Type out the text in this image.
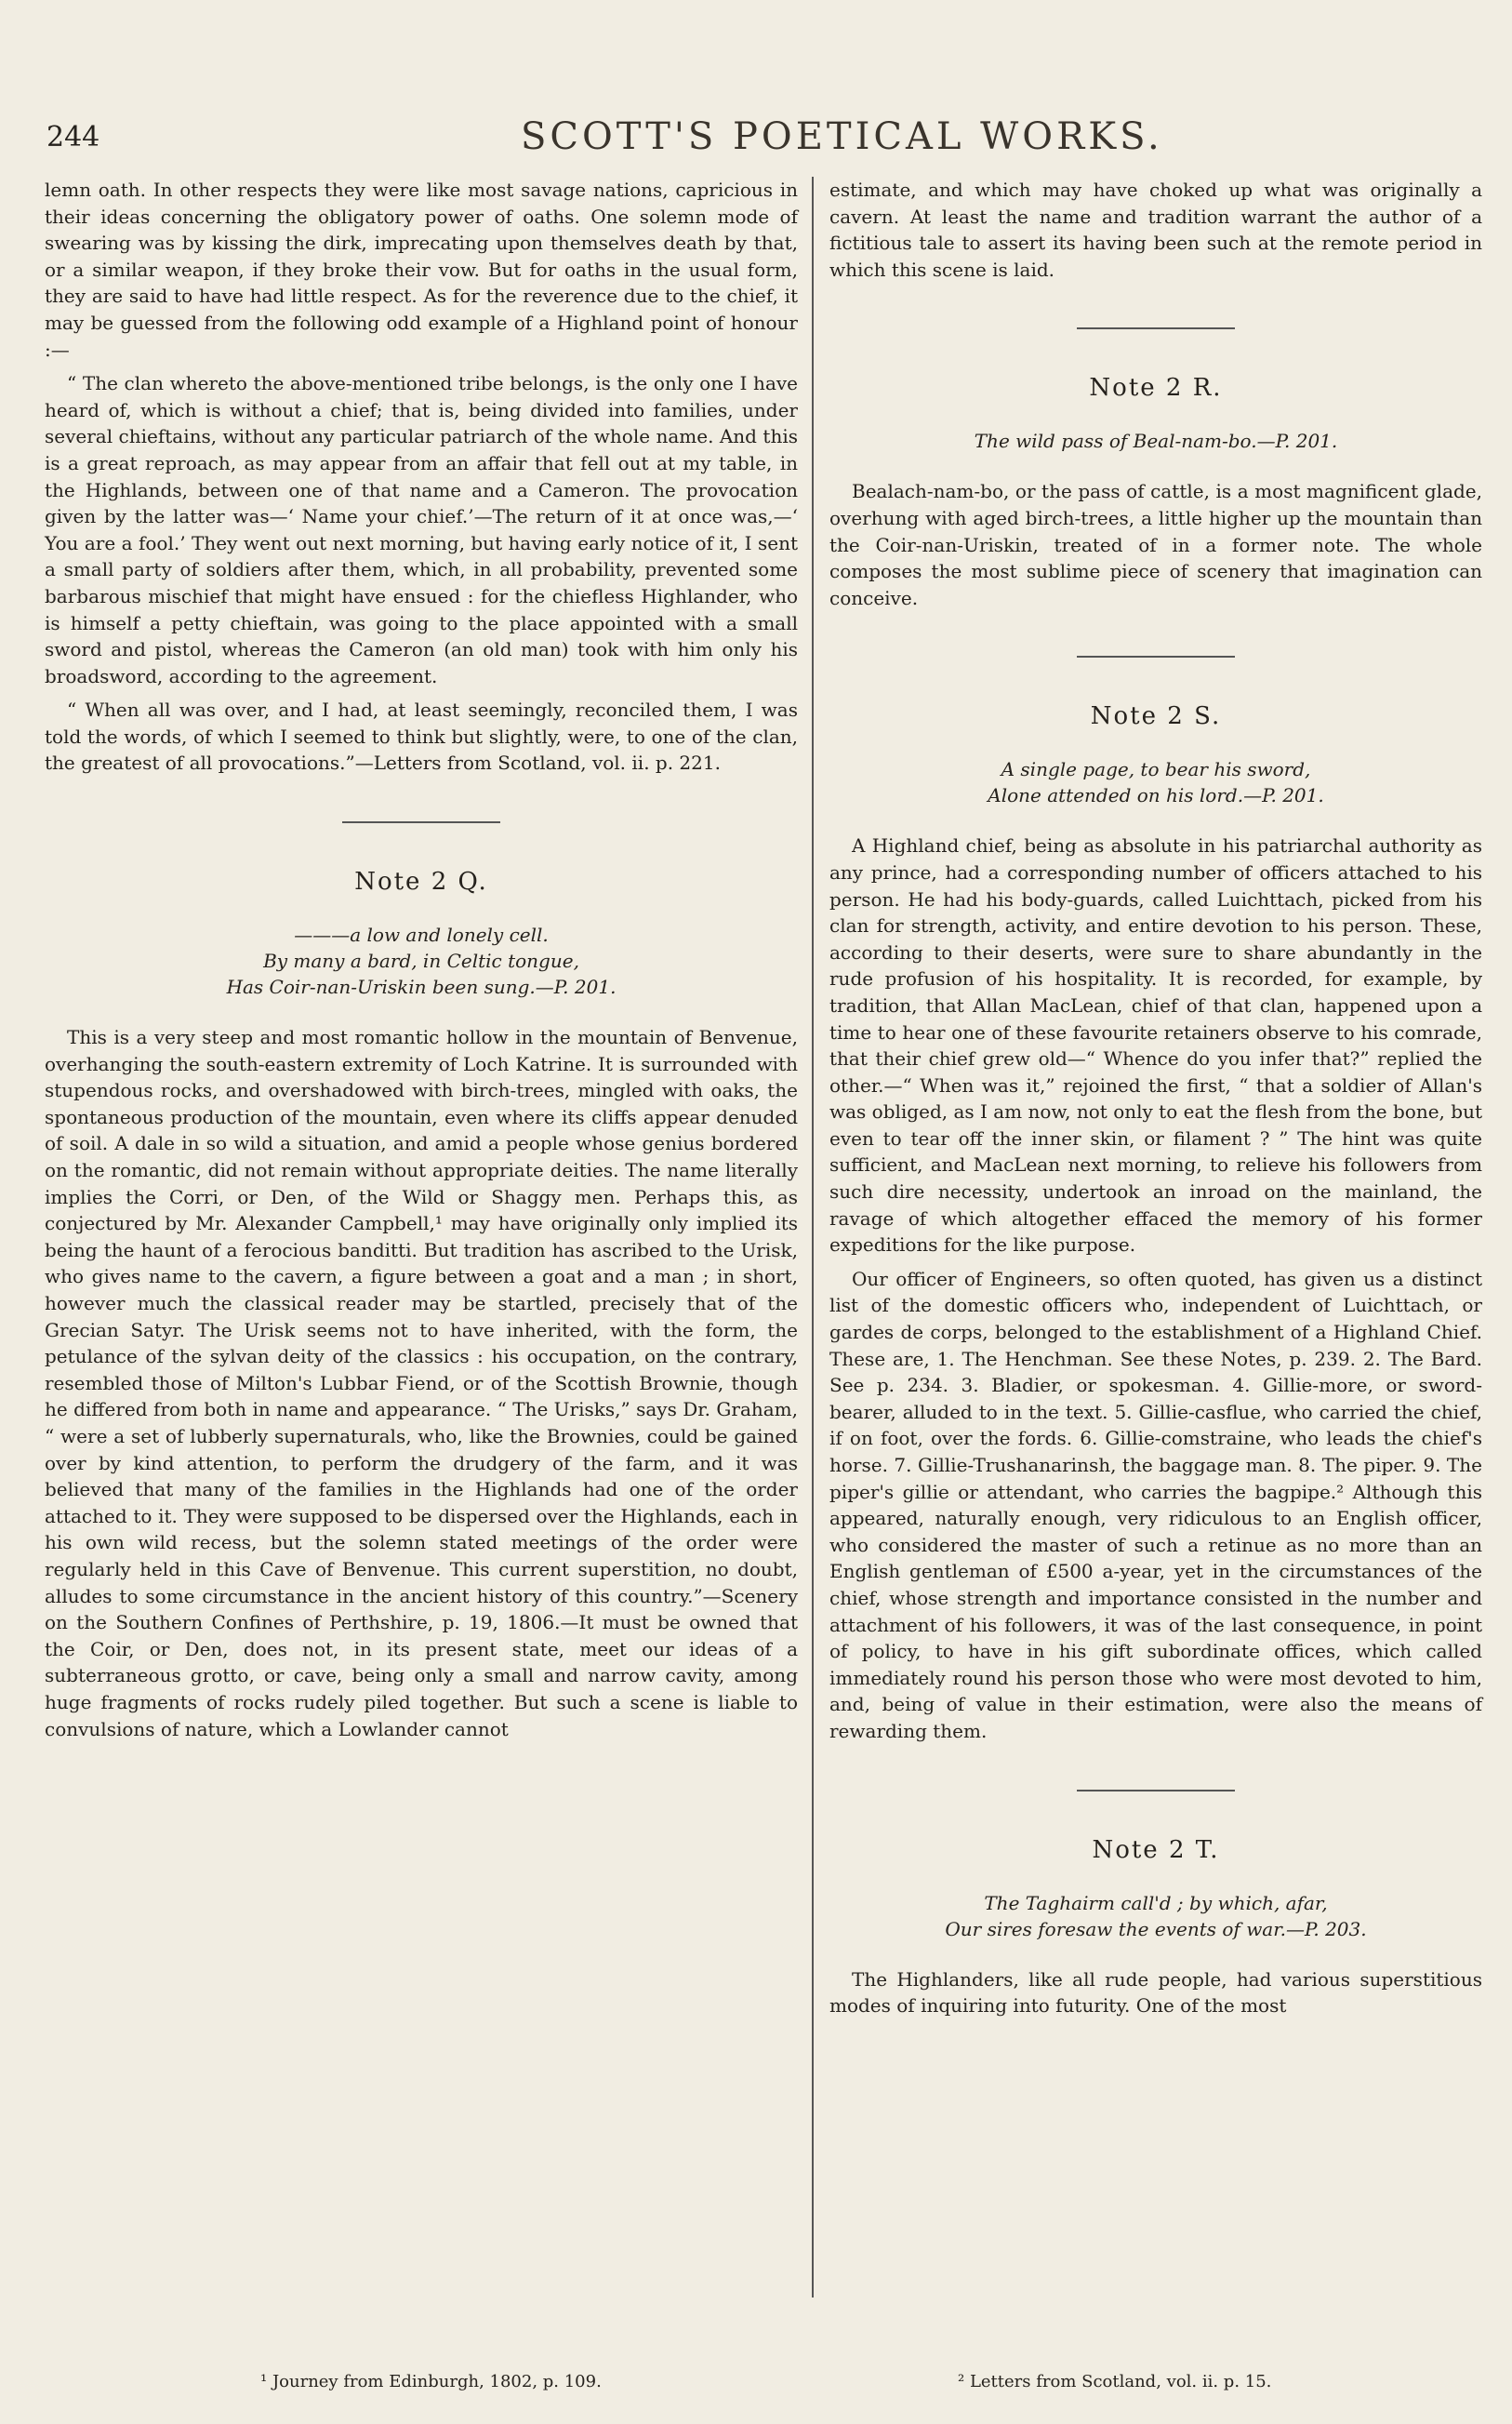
244	SCOTT'S POETICAL WORKS.

lemn oath. In other respects they were like most savage nations, capricious in their ideas concerning the obligatory power of oaths. One solemn mode of swearing was by kissing the dirk, imprecating upon themselves death by that, or a similar weapon, if they broke their vow. But for oaths in the usual form, they are said to have had little respect. As for the reverence due to the chief, it may be guessed from the following odd example of a Highland point of honour :—

“ The clan whereto the above-mentioned tribe belongs, is the only one I have heard of, which is without a chief; that is, being divided into families, under several chieftains, without any particular patriarch of the whole name. And this is a great reproach, as may appear from an affair that fell out at my table, in the Highlands, between one of that name and a Cameron. The provocation given by the latter was—‘ Name your chief.’—The return of it at once was,—‘ You are a fool.’ They went out next morning, but having early notice of it, I sent a small party of soldiers after them, which, in all probability, prevented some barbarous mischief that might have ensued : for the chiefless Highlander, who is himself a petty chieftain, was going to the place appointed with a small sword and pistol, whereas the Cameron (an old man) took with him only his broadsword, according to the agreement.

“ When all was over, and I had, at least seemingly, reconciled them, I was told the words, of which I seemed to think but slightly, were, to one of the clan, the greatest of all provocations.”—Letters from Scotland, vol. ii. p. 221.

Note 2 Q.
———a low and lonely cell.
By many a bard, in Celtic tongue,
Has Coir-nan-Uriskin been sung.—P. 201.

This is a very steep and most romantic hollow in the mountain of Benvenue, overhanging the south-eastern extremity of Loch Katrine. It is surrounded with stupendous rocks, and overshadowed with birch-trees, mingled with oaks, the spontaneous production of the mountain, even where its cliffs appear denuded of soil. A dale in so wild a situation, and amid a people whose genius bordered on the romantic, did not remain without appropriate deities. The name literally implies the Corri, or Den, of the Wild or Shaggy men. Perhaps this, as conjectured by Mr. Alexander Campbell,¹ may have originally only implied its being the haunt of a ferocious banditti. But tradition has ascribed to the Urisk, who gives name to the cavern, a figure between a goat and a man ; in short, however much the classical reader may be startled, precisely that of the Grecian Satyr. The Urisk seems not to have inherited, with the form, the petulance of the sylvan deity of the classics : his occupation, on the contrary, resembled those of Milton's Lubbar Fiend, or of the Scottish Brownie, though he differed from both in name and appearance. “ The Urisks,” says Dr. Graham, “ were a set of lubberly supernaturals, who, like the Brownies, could be gained over by kind attention, to perform the drudgery of the farm, and it was believed that many of the families in the Highlands had one of the order attached to it. They were supposed to be dispersed over the Highlands, each in his own wild recess, but the solemn stated meetings of the order were regularly held in this Cave of Benvenue. This current superstition, no doubt, alludes to some circumstance in the ancient history of this country.”—Scenery on the Southern Confines of Perthshire, p. 19, 1806.—It must be owned that the Coir, or Den, does not, in its present state, meet our ideas of a subterraneous grotto, or cave, being only a small and narrow cavity, among huge fragments of rocks rudely piled together. But such a scene is liable to convulsions of nature, which a Lowlander cannot

estimate, and which may have choked up what was originally a cavern. At least the name and tradition warrant the author of a fictitious tale to assert its having been such at the remote period in which this scene is laid.

Note 2 R.
The wild pass of Beal-nam-bo.—P. 201.

Bealach-nam-bo, or the pass of cattle, is a most magnificent glade, overhung with aged birch-trees, a little higher up the mountain than the Coir-nan-Uriskin, treated of in a former note. The whole composes the most sublime piece of scenery that imagination can conceive.

Note 2 S.
A single page, to bear his sword,
Alone attended on his lord.—P. 201.

A Highland chief, being as absolute in his patriarchal authority as any prince, had a corresponding number of officers attached to his person. He had his body-guards, called Luichttach, picked from his clan for strength, activity, and entire devotion to his person. These, according to their deserts, were sure to share abundantly in the rude profusion of his hospitality. It is recorded, for example, by tradition, that Allan MacLean, chief of that clan, happened upon a time to hear one of these favourite retainers observe to his comrade, that their chief grew old—“ Whence do you infer that?” replied the other.—“ When was it,” rejoined the first, “ that a soldier of Allan's was obliged, as I am now, not only to eat the flesh from the bone, but even to tear off the inner skin, or filament ? ” The hint was quite sufficient, and MacLean next morning, to relieve his followers from such dire necessity, undertook an inroad on the mainland, the ravage of which altogether effaced the memory of his former expeditions for the like purpose.

Our officer of Engineers, so often quoted, has given us a distinct list of the domestic officers who, independent of Luichttach, or gardes de corps, belonged to the establishment of a Highland Chief. These are, 1. The Henchman. See these Notes, p. 239. 2. The Bard. See p. 234. 3. Bladier, or spokesman. 4. Gillie-more, or sword-bearer, alluded to in the text. 5. Gillie-casflue, who carried the chief, if on foot, over the fords. 6. Gillie-comstraine, who leads the chief's horse. 7. Gillie-Trushanarinsh, the baggage man. 8. The piper. 9. The piper's gillie or attendant, who carries the bagpipe.² Although this appeared, naturally enough, very ridiculous to an English officer, who considered the master of such a retinue as no more than an English gentleman of £500 a-year, yet in the circumstances of the chief, whose strength and importance consisted in the number and attachment of his followers, it was of the last consequence, in point of policy, to have in his gift subordinate offices, which called immediately round his person those who were most devoted to him, and, being of value in their estimation, were also the means of rewarding them.

Note 2 T.
The Taghairm call'd ; by which, afar,
Our sires foresaw the events of war.—P. 203.

The Highlanders, like all rude people, had various superstitious modes of inquiring into futurity. One of the most

¹ Journey from Edinburgh, 1802, p. 109.	² Letters from Scotland, vol. ii. p. 15.
